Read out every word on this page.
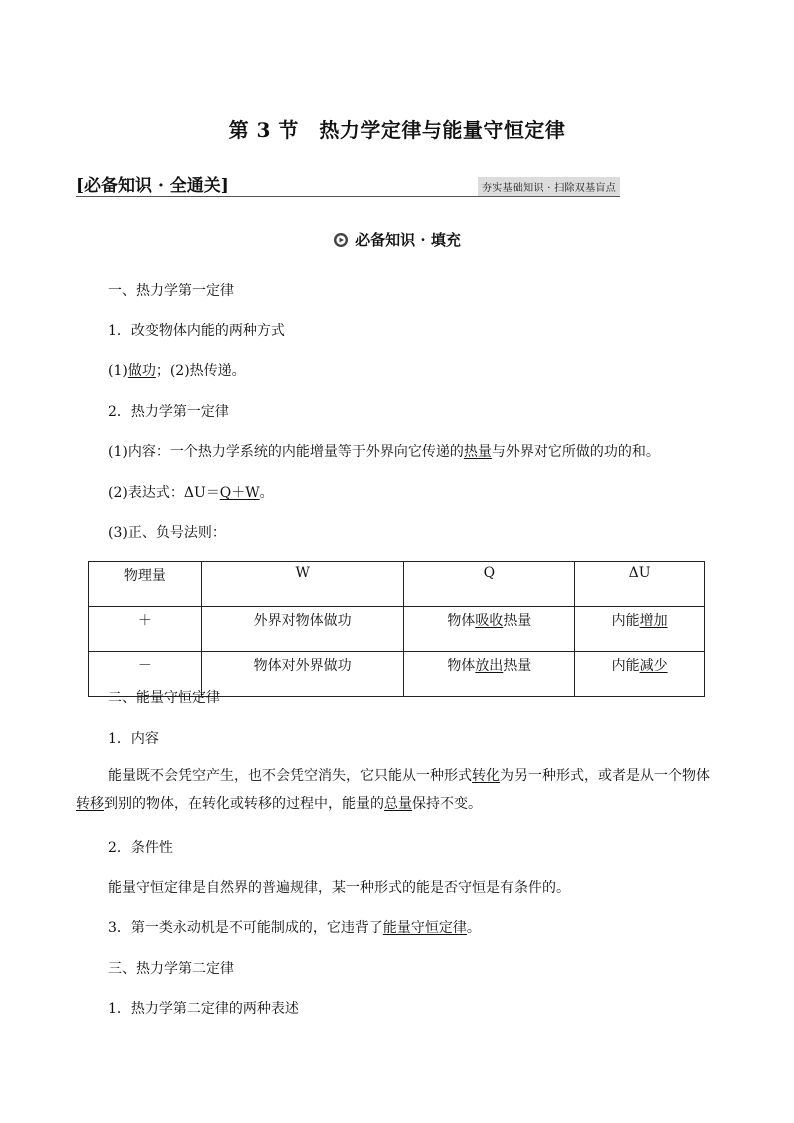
第 3 节　热力学定律与能量守恒定律
[必备知识 · 全通关]	夯实基础知识 · 扫除双基盲点
必备知识 · 填充
一、热力学第一定律
1．改变物体内能的两种方式
(1)做功；(2)热传递。
2．热力学第一定律
(1)内容：一个热力学系统的内能增量等于外界向它传递的热量与外界对它所做的功的和。
(2)表达式：ΔU＝Q＋W。
(3)正、负号法则：
物理量	W	Q	ΔU
＋	外界对物体做功	物体吸收热量	内能增加
－	物体对外界做功	物体放出热量	内能减少
二、能量守恒定律
1．内容
能量既不会凭空产生，也不会凭空消失，它只能从一种形式转化为另一种形式，或者是从一个物体转移到别的物体，在转化或转移的过程中，能量的总量保持不变。
2．条件性
能量守恒定律是自然界的普遍规律，某一种形式的能是否守恒是有条件的。
3．第一类永动机是不可能制成的，它违背了能量守恒定律。
三、热力学第二定律
1．热力学第二定律的两种表述
